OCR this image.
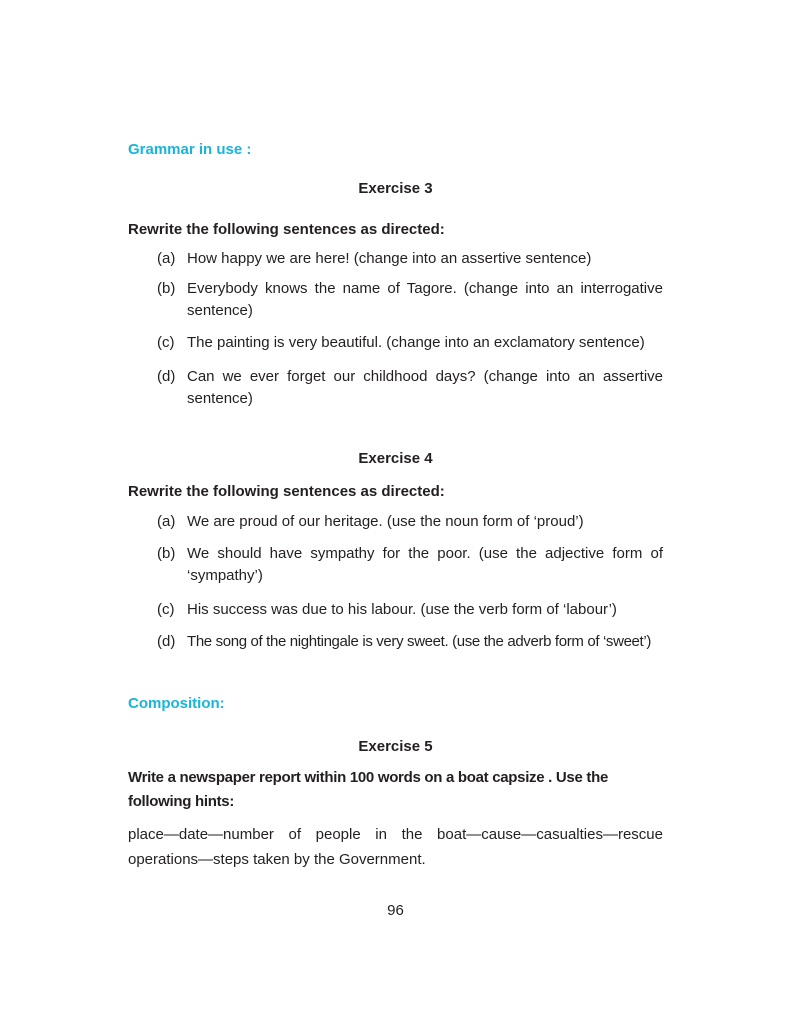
Grammar in use :

Exercise 3

Rewrite the following sentences as directed:

(a) How happy we are here! (change into an assertive sentence)
(b) Everybody knows the name of Tagore. (change into an interrogative sentence)
(c) The painting is very beautiful. (change into an exclamatory sentence)
(d) Can we ever forget our childhood days? (change into an assertive sentence)

Exercise 4

Rewrite the following sentences as directed:

(a) We are proud of our heritage. (use the noun form of ‘proud’)
(b) We should have sympathy for the poor. (use the adjective form of ‘sympathy’)
(c) His success was due to his labour. (use the verb form of ‘labour’)
(d) The song of the nightingale is very sweet. (use the adverb form of ‘sweet’)

Composition:

Exercise 5

Write a newspaper report within 100 words on a boat capsize . Use the following hints:

place—date—number of people in the boat—cause—casualties—rescue operations—steps taken by the Government.

96
